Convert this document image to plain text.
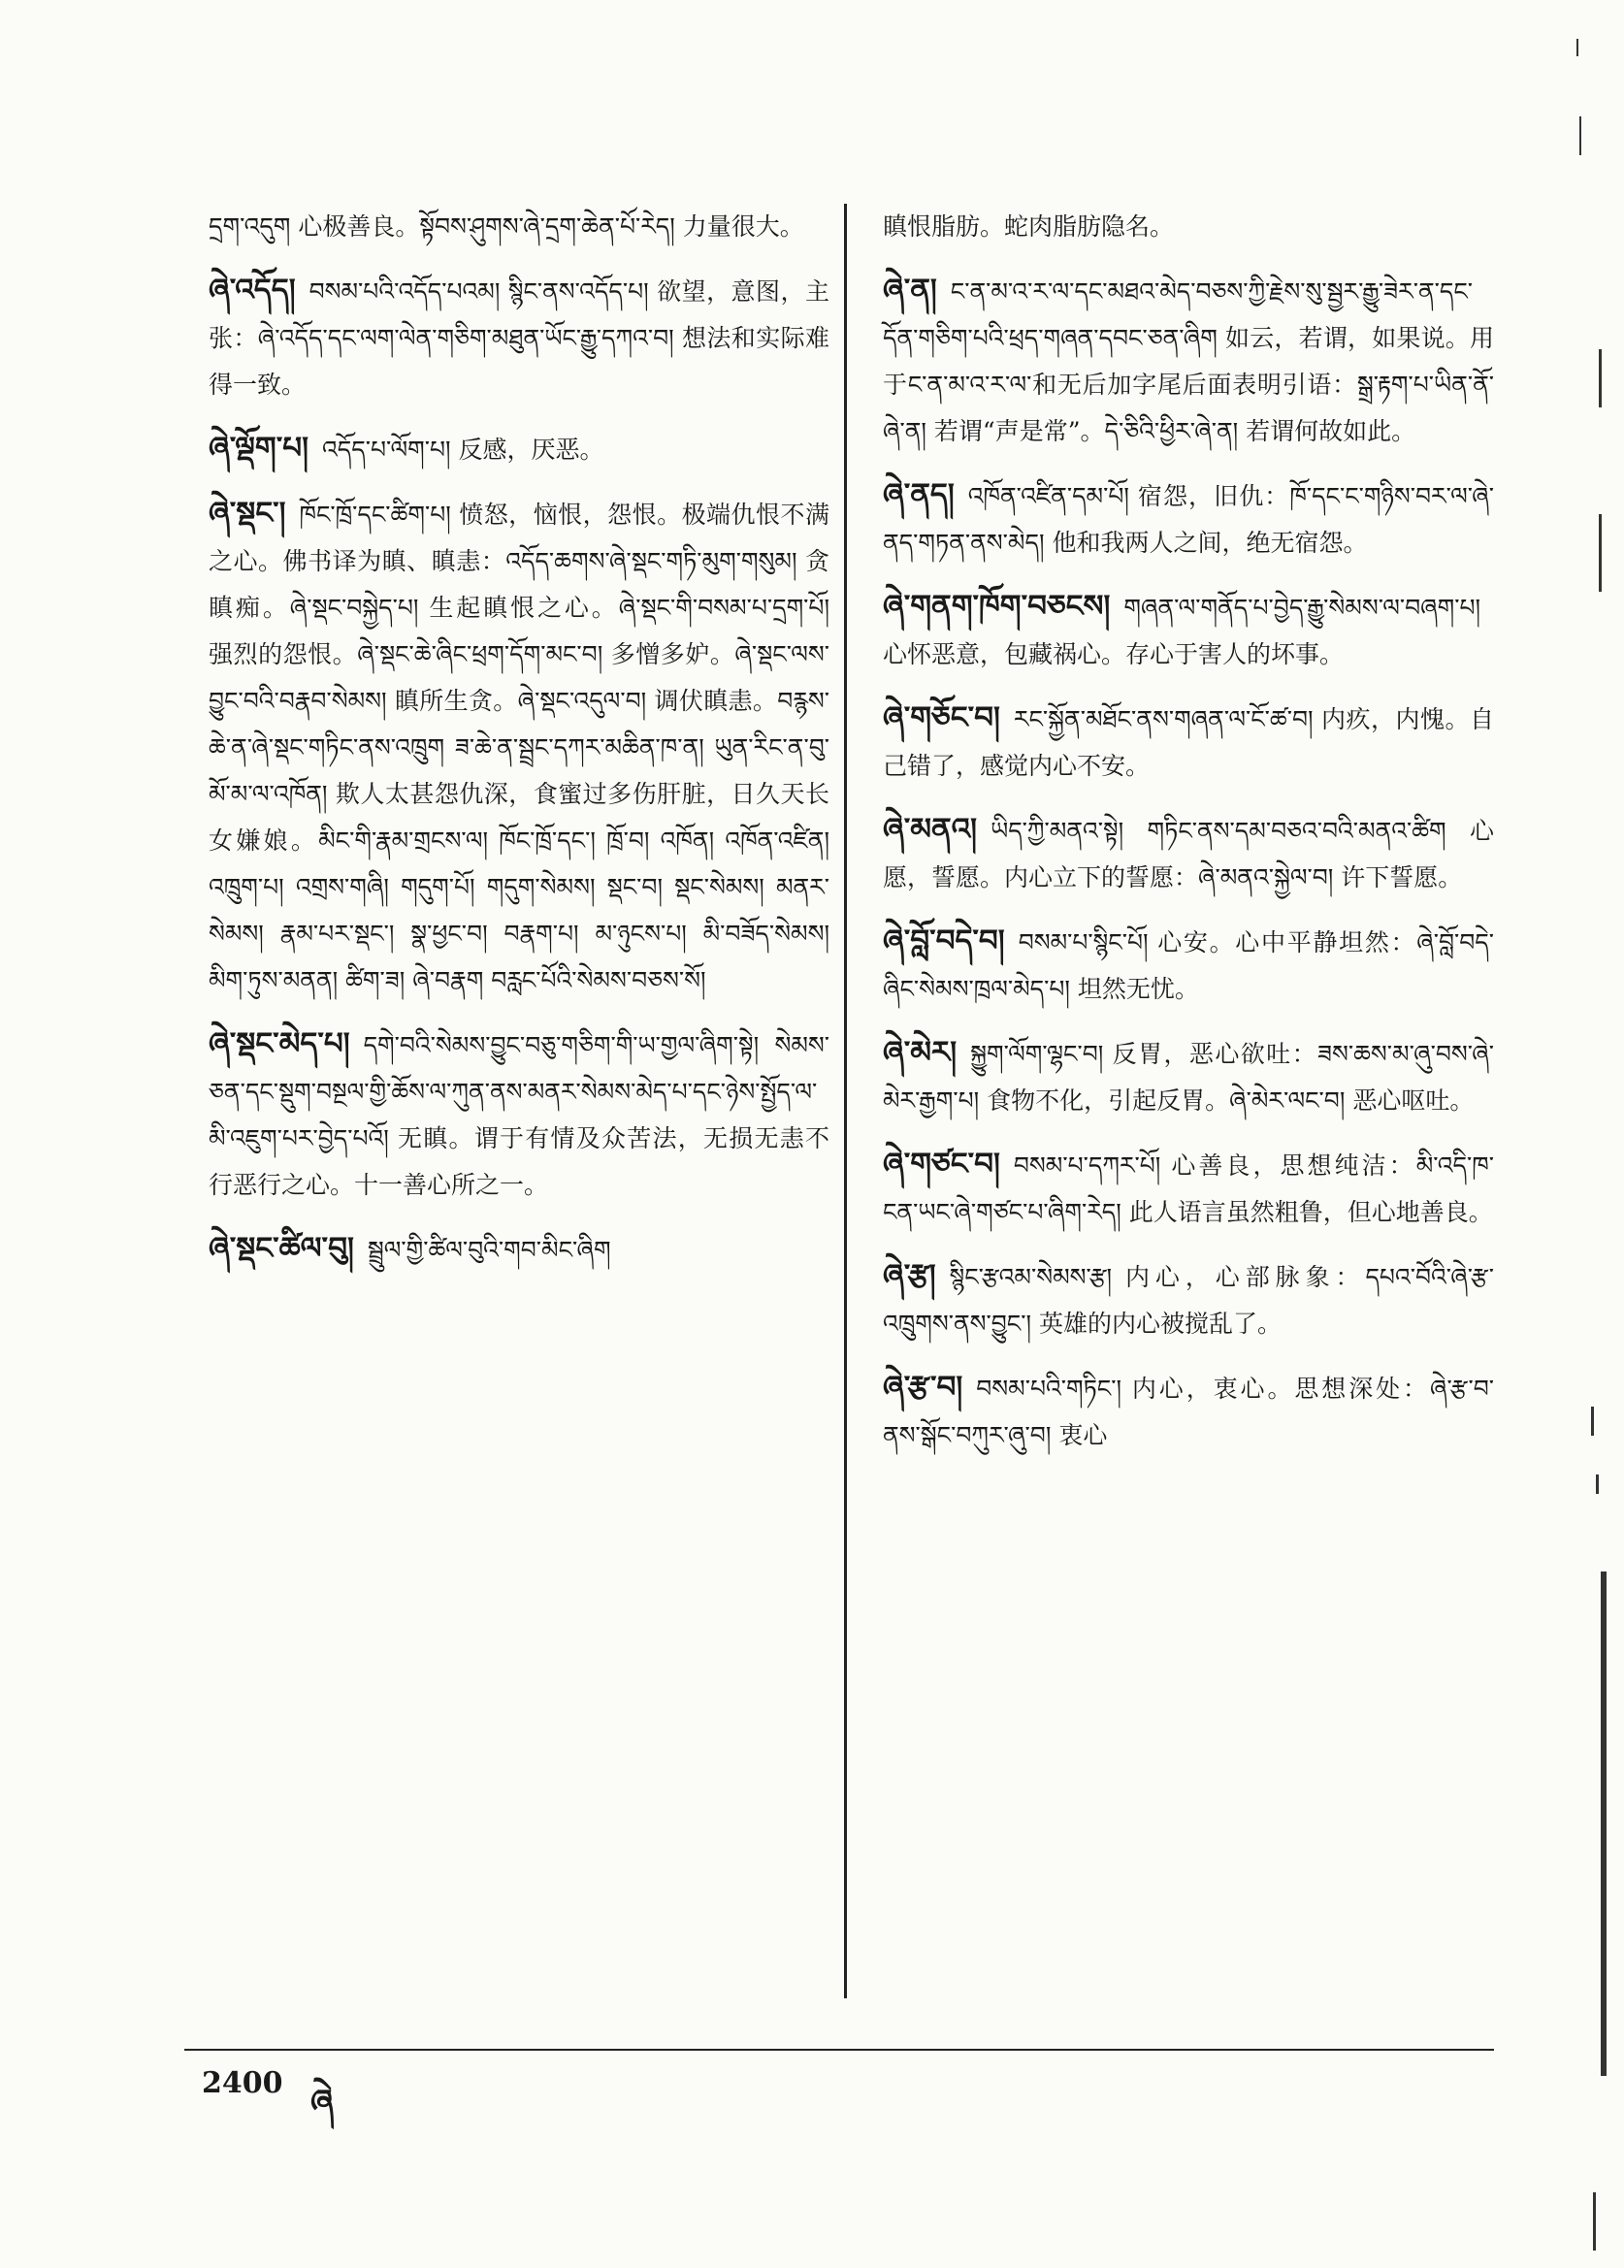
དྲག་འདུག 心极善良。སྟོབས་ཤུགས་ཞེ་དྲག་ཆེན་པོ་རེད། 力量很大。
ཞེ་འདོད། བསམ་པའི་འདོད་པའམ། སྙིང་ནས་འདོད་པ། 欲望，意图，主张：ཞེ་འདོད་དང་ལག་ལེན་གཅིག་མཐུན་ཡོང་རྒྱུ་དཀའ་བ། 想法和实际难得一致。
ཞེ་ལྡོག་པ། འདོད་པ་ལོག་པ། 反感，厌恶。
ཞེ་སྡང་། ཁོང་ཁྲོ་དང་ཚིག་པ། 愤怒，恼恨，怨恨。极端仇恨不满之心。佛书译为瞋、瞋恚：འདོད་ཆགས་ཞེ་སྡང་གཏི་མུག་གསུམ། 贪瞋痴。ཞེ་སྡང་བསྐྱེད་པ། 生起瞋恨之心。ཞེ་སྡང་གི་བསམ་པ་དྲག་པོ། 强烈的怨恨。ཞེ་སྡང་ཆེ་ཞིང་ཕྲག་དོག་མང་བ། 多憎多妒。ཞེ་སྡང་ལས་བྱུང་བའི་བརྣབ་སེམས། 瞋所生贪。ཞེ་སྡང་འདུལ་བ། 调伏瞋恚。བརྙས་ཆེ་ན་ཞེ་སྡང་གཏིང་ནས་འཁྲུག ཟ་ཆེ་ན་སྦྲང་དཀར་མཆིན་ཁ་ན། ཡུན་རིང་ན་བུ་མོ་མ་ལ་འཁོན། 欺人太甚怨仇深，食蜜过多伤肝脏，日久天长女嫌娘。མིང་གི་རྣམ་གྲངས་ལ། ཁོང་ཁྲོ་དང་། ཁྲོ་བ། འཁོན། འཁོན་འཛིན། འཁྲུག་པ། འགྲས་གཞི། གདུག་པོ། གདུག་སེམས། སྡང་བ། སྡང་སེམས། མནར་སེམས། རྣམ་པར་སྡང་། སྣ་ཕྱང་བ། བརྣག་པ། མ་ཉུངས་པ། མི་བཟོད་སེམས། མིག་ཏུས་མནན། ཚིག་ཟ། ཞེ་བརྣག བརླང་པོའི་སེམས་བཅས་སོ།
ཞེ་སྡང་མེད་པ། དགེ་བའི་སེམས་བྱུང་བཅུ་གཅིག་གི་ཡ་གྱལ་ཞིག་སྟེ། སེམས་ཅན་དང་སྡུག་བསྔལ་གྱི་ཆོས་ལ་ཀུན་ནས་མནར་སེམས་མེད་པ་དང་ཉེས་སྤྱོད་ལ་མི་འཇུག་པར་བྱེད་པའོ། 无瞋。谓于有情及众苦法，无损无恚不行恶行之心。十一善心所之一。
ཞེ་སྡང་ཚིལ་བུ། སྦྲུལ་གྱི་ཚིལ་བུའི་གབ་མིང་ཞིག
瞋恨脂肪。蛇肉脂肪隐名。
ཞེ་ན། ང་ན་མ་འ་ར་ལ་དང་མཐའ་མེད་བཅས་ཀྱི་རྗེས་སུ་སྦྱར་རྒྱུ་ཟེར་ན་དང་དོན་གཅིག་པའི་ཕྲད་གཞན་དབང་ཅན་ཞིག 如云，若谓，如果说。用于ང་ན་མ་འ་ར་ལ་和无后加字尾后面表明引语：སྒྲ་རྟག་པ་ཡིན་ནོ་ཞེ་ན། 若谓“声是常”。དེ་ཅིའི་ཕྱིར་ཞེ་ན། 若谓何故如此。
ཞེ་ནད། འཁོན་འཛིན་དམ་པོ། 宿怨，旧仇：ཁོ་དང་ང་གཉིས་བར་ལ་ཞེ་ནད་གཏན་ནས་མེད། 他和我两人之间，绝无宿怨。
ཞེ་གནག་ཁོག་བཅངས། གཞན་ལ་གནོད་པ་བྱེད་རྒྱུ་སེམས་ལ་བཞག་པ། 心怀恶意，包藏祸心。存心于害人的坏事。
ཞེ་གཅོང་བ། རང་སྐྱོན་མཐོང་ནས་གཞན་ལ་ངོ་ཚ་བ། 内疚，内愧。自己错了，感觉内心不安。
ཞེ་མནའ། ཡིད་ཀྱི་མནའ་སྟེ། གཏིང་ནས་དམ་བཅའ་བའི་མནའ་ཚིག 心愿，誓愿。内心立下的誓愿：ཞེ་མནའ་སྐྱེལ་བ། 许下誓愿。
ཞེ་བློ་བདེ་བ། བསམ་པ་སྙིང་པོ། 心安。心中平静坦然：ཞེ་བློ་བདེ་ཞིང་སེམས་ཁྲལ་མེད་པ། 坦然无忧。
ཞེ་མེར། སྐྱུག་ལོག་ལྷང་བ། 反胃，恶心欲吐：ཟས་ཆས་མ་ཞུ་བས་ཞེ་མེར་རྒྱག་པ། 食物不化，引起反胃。ཞེ་མེར་ལང་བ། 恶心呕吐。
ཞེ་གཙང་བ། བསམ་པ་དཀར་པོ། 心善良，思想纯洁：མི་འདི་ཁ་ངན་ཡང་ཞེ་གཙང་པ་ཞིག་རེད། 此人语言虽然粗鲁，但心地善良。
ཞེ་རྩ། སྙིང་རྩའམ་སེམས་རྩ། 内心，心部脉象：དཔའ་བོའི་ཞེ་རྩ་འཁྲུགས་ནས་བྱུང་། 英雄的内心被搅乱了。
ཞེ་རྩ་བ། བསམ་པའི་གཏིང་། 内心，衷心。思想深处：ཞེ་རྩ་བ་ནས་སྒོང་བཀུར་ཞུ་བ། 衷心
2400 ཞེ
